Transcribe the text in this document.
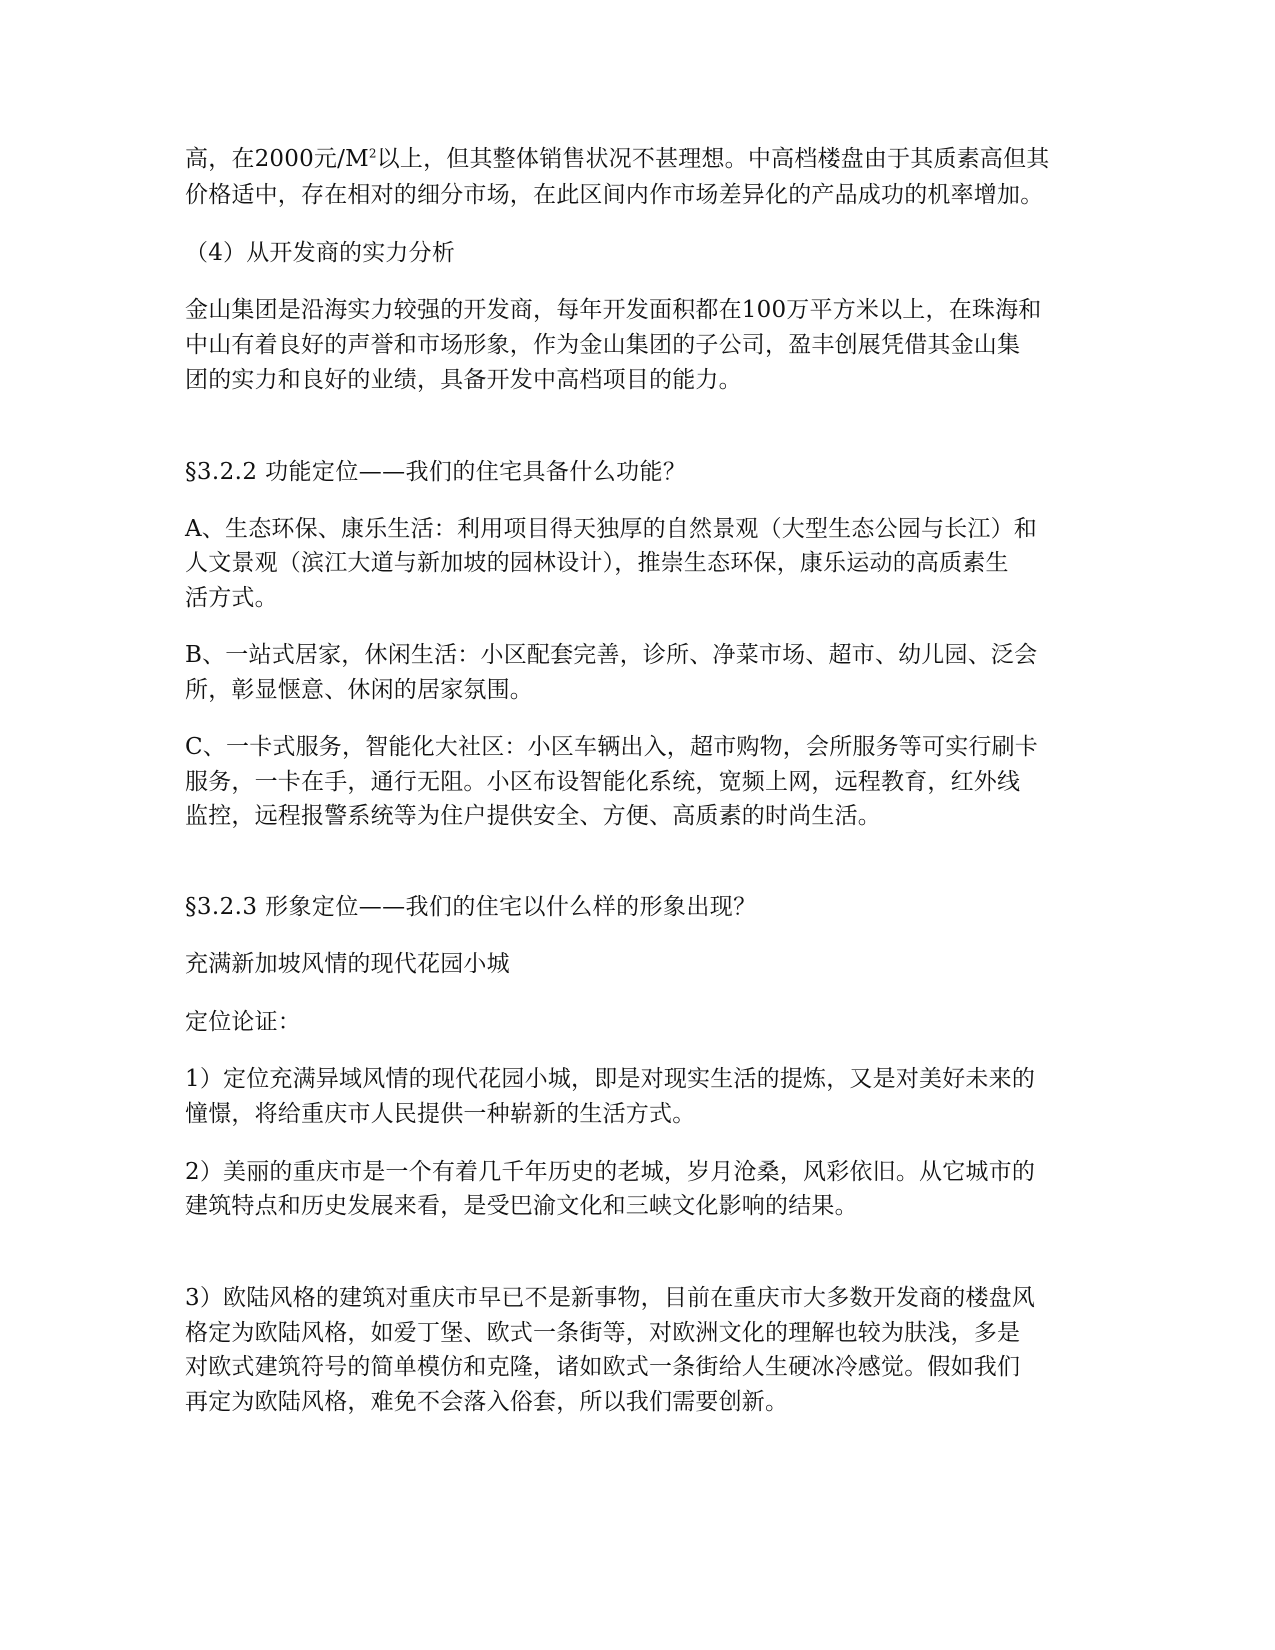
高，在2000元$/M^2$以上，但其整体销售状况不甚理想。中高档楼盘由于其质素高但其

价格适中，存在相对的细分市场，在此区间内作市场差异化的产品成功的机率增加。

（4）从开发商的实力分析

金山集团是沿海实力较强的开发商，每年开发面积都在100万平方米以上，在珠海和

中山有着良好的声誉和市场形象，作为金山集团的子公司，盈丰创展凭借其金山集

团的实力和良好的业绩，具备开发中高档项目的能力。

§3.2.2 功能定位——我们的住宅具备什么功能？

A、生态环保、康乐生活：利用项目得天独厚的自然景观（大型生态公园与长江）和

人文景观（滨江大道与新加坡的园林设计），推崇生态环保，康乐运动的高质素生

活方式。

B、一站式居家，休闲生活：小区配套完善，诊所、净菜市场、超市、幼儿园、泛会

所，彰显惬意、休闲的居家氛围。

C、一卡式服务，智能化大社区：小区车辆出入，超市购物，会所服务等可实行刷卡

服务，一卡在手，通行无阻。小区布设智能化系统，宽频上网，远程教育，红外线

监控，远程报警系统等为住户提供安全、方便、高质素的时尚生活。

§3.2.3 形象定位——我们的住宅以什么样的形象出现？

充满新加坡风情的现代花园小城

定位论证：

1）定位充满异域风情的现代花园小城，即是对现实生活的提炼，又是对美好未来的

憧憬，将给重庆市人民提供一种崭新的生活方式。

2）美丽的重庆市是一个有着几千年历史的老城，岁月沧桑，风彩依旧。从它城市的

建筑特点和历史发展来看，是受巴渝文化和三峡文化影响的结果。

3）欧陆风格的建筑对重庆市早已不是新事物，目前在重庆市大多数开发商的楼盘风

格定为欧陆风格，如爱丁堡、欧式一条街等，对欧洲文化的理解也较为肤浅，多是

对欧式建筑符号的简单模仿和克隆，诸如欧式一条街给人生硬冰冷感觉。假如我们

再定为欧陆风格，难免不会落入俗套，所以我们需要创新。
